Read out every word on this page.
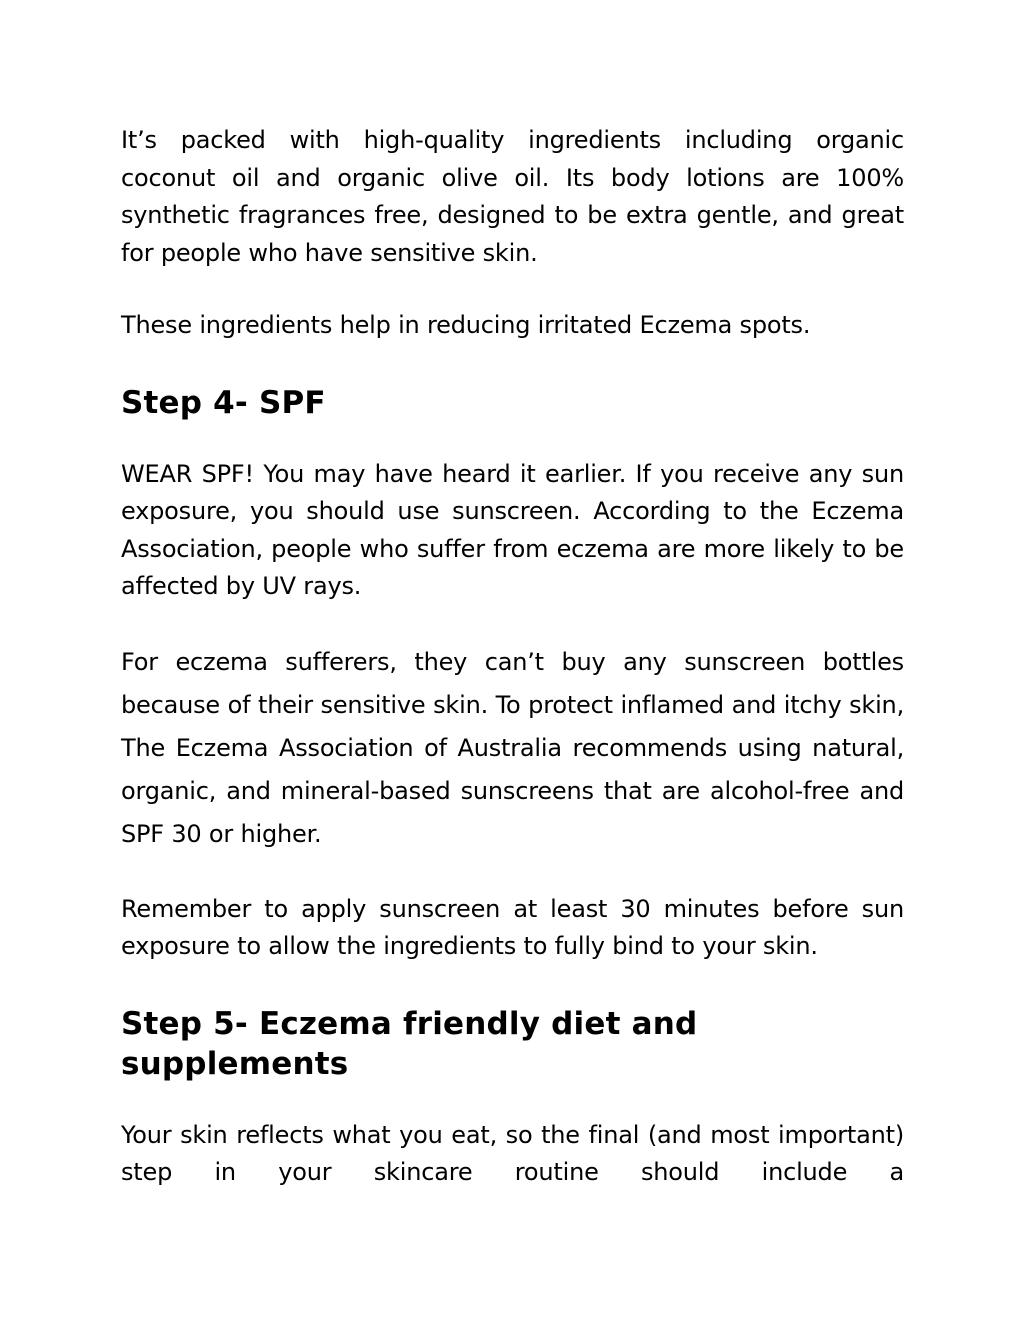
It’s packed with high-quality ingredients including organic coconut oil and organic olive oil. Its body lotions are 100% synthetic fragrances free, designed to be extra gentle, and great for people who have sensitive skin.

These ingredients help in reducing irritated Eczema spots.

Step 4- SPF

WEAR SPF! You may have heard it earlier. If you receive any sun exposure, you should use sunscreen. According to the Eczema Association, people who suffer from eczema are more likely to be affected by UV rays.

For eczema sufferers, they can’t buy any sunscreen bottles because of their sensitive skin. To protect inflamed and itchy skin, The Eczema Association of Australia recommends using natural, organic, and mineral-based sunscreens that are alcohol-free and SPF 30 or higher.

Remember to apply sunscreen at least 30 minutes before sun exposure to allow the ingredients to fully bind to your skin.

Step 5- Eczema friendly diet and supplements

Your skin reflects what you eat, so the final (and most important) step in your skincare routine should include a
